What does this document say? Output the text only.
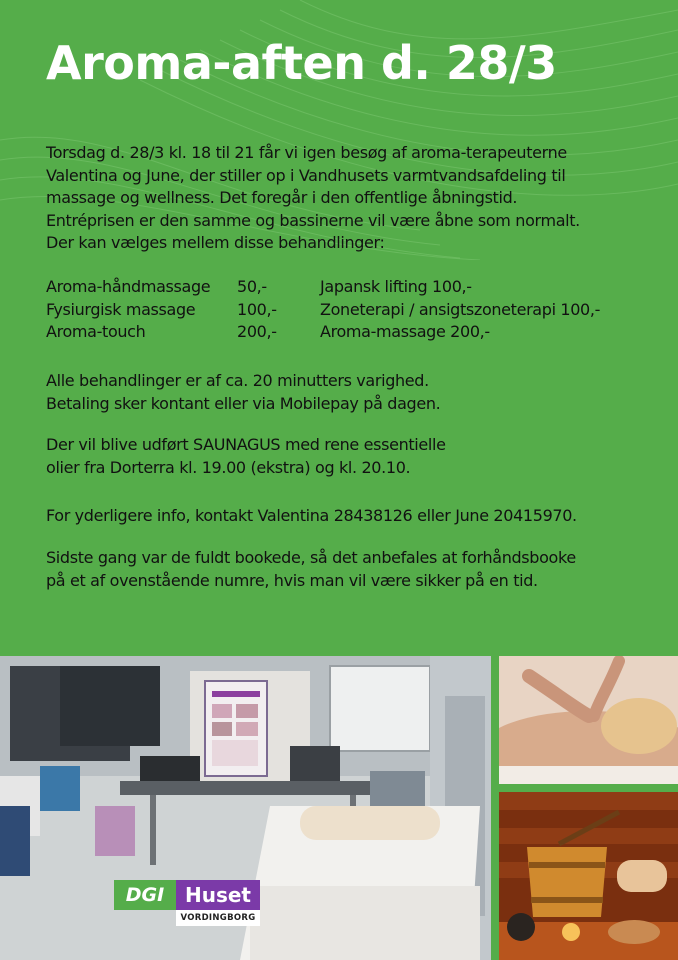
Aroma-aften d. 28/3
Torsdag d. 28/3 kl. 18 til 21 får vi igen besøg af aroma-terapeuterne
Valentina og June, der stiller op i Vandhusets varmtvandsafdeling til
massage og wellness. Det foregår i den offentlige åbningstid.
Entréprisen er den samme og bassinerne vil være åbne som normalt.
Der kan vælges mellem disse behandlinger:
Aroma-håndmassage 50,-	Japansk lifting 100,-
Fysiurgisk massage	100,-	Zoneterapi / ansigtszoneterapi 100,-
Aroma-touch	200,-	Aroma-massage 200,-
Alle behandlinger er af ca. 20 minutters varighed.
Betaling sker kontant eller via Mobilepay på dagen.
Der vil blive udført SAUNAGUS med rene essentielle
olier fra Dorterra kl. 19.00 (ekstra) og kl. 20.10.
For yderligere info, kontakt Valentina 28438126 eller June 20415970.
Sidste gang var de fuldt bookede, så det anbefales at forhåndsbooke
på et af ovenstående numre, hvis man vil være sikker på en tid.
DGI	Huset
VORDINGBORG
